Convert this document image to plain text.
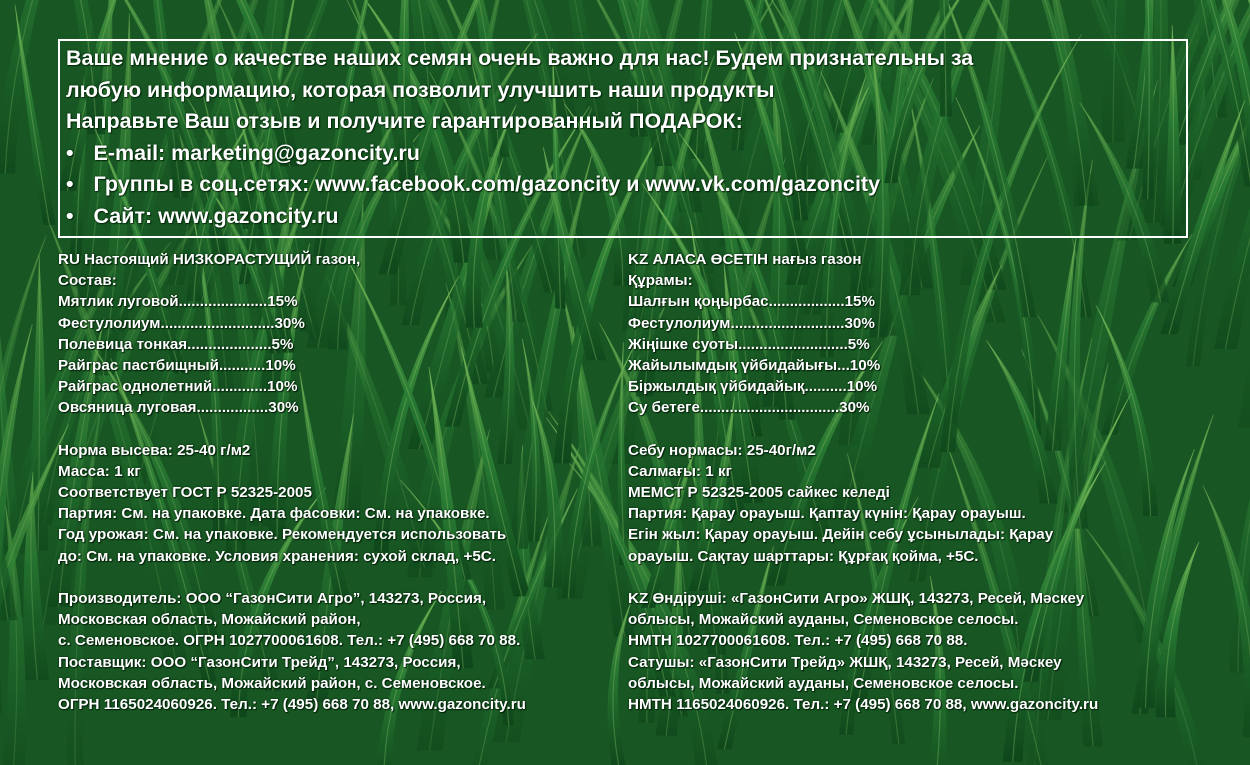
Ваше мнение о качестве наших семян очень важно для нас! Будем признательны за
любую информацию, которая позволит улучшить наши продукты
Направьте Ваш отзыв и получите гарантированный ПОДАРОК:
• E-mail: marketing@gazoncity.ru
• Группы в соц.сетях: www.facebook.com/gazoncity и www.vk.com/gazoncity
• Сайт: www.gazoncity.ru
RU Настоящий НИЗКОРАСТУЩИЙ газон,
Состав:
Мятлик луговой.....................15%
Фестулолиум...........................30%
Полевица тонкая....................5%
Райграс пастбищный...........10%
Райграс однолетний.............10%
Овсяница луговая.................30%
Норма высева: 25-40 г/м2
Масса: 1 кг
Соответствует ГОСТ Р 52325-2005
Партия: См. на упаковке. Дата фасовки: См. на упаковке.
Год урожая: См. на упаковке. Рекомендуется использовать
до: См. на упаковке. Условия хранения: сухой склад, +5С.
Производитель: ООО “ГазонСити Агро”, 143273, Россия,
Московская область, Можайский район,
с. Семеновское. ОГРН 1027700061608. Тел.: +7 (495) 668 70 88.
Поставщик: ООО “ГазонСити Трейд”, 143273, Россия,
Московская область, Можайский район, с. Семеновское.
ОГРН 1165024060926. Тел.: +7 (495) 668 70 88, www.gazoncity.ru
KZ АЛАСА ӨСЕТІН нағыз газон
Құрамы:
Шалғын қоңырбас..................15%
Фестулолиум...........................30%
Жіңішке суоты..........................5%
Жайылымдық үйбидайығы...10%
Біржылдық үйбидайық..........10%
Су бетеге.................................30%
Себу нормасы: 25-40г/м2
Салмағы: 1 кг
МЕМСТ Р 52325-2005 сайкес келеді
Партия: Қарау орауыш. Қаптау күнін: Қарау орауыш.
Егін жыл: Қарау орауыш. Дейін себу ұсынылады: Қарау
орауыш. Сақтау шарттары: Құрғақ қойма, +5С.
KZ Өндіруші: «ГазонСити Агро» ЖШҚ, 143273, Ресей, Мәскеу
облысы, Можайский ауданы, Семеновское селосы.
НМТН 1027700061608. Тел.: +7 (495) 668 70 88.
Сатушы: «ГазонСити Трейд» ЖШҚ, 143273, Ресей, Мәскеу
облысы, Можайский ауданы, Семеновское селосы.
НМТН 1165024060926. Тел.: +7 (495) 668 70 88, www.gazoncity.ru
